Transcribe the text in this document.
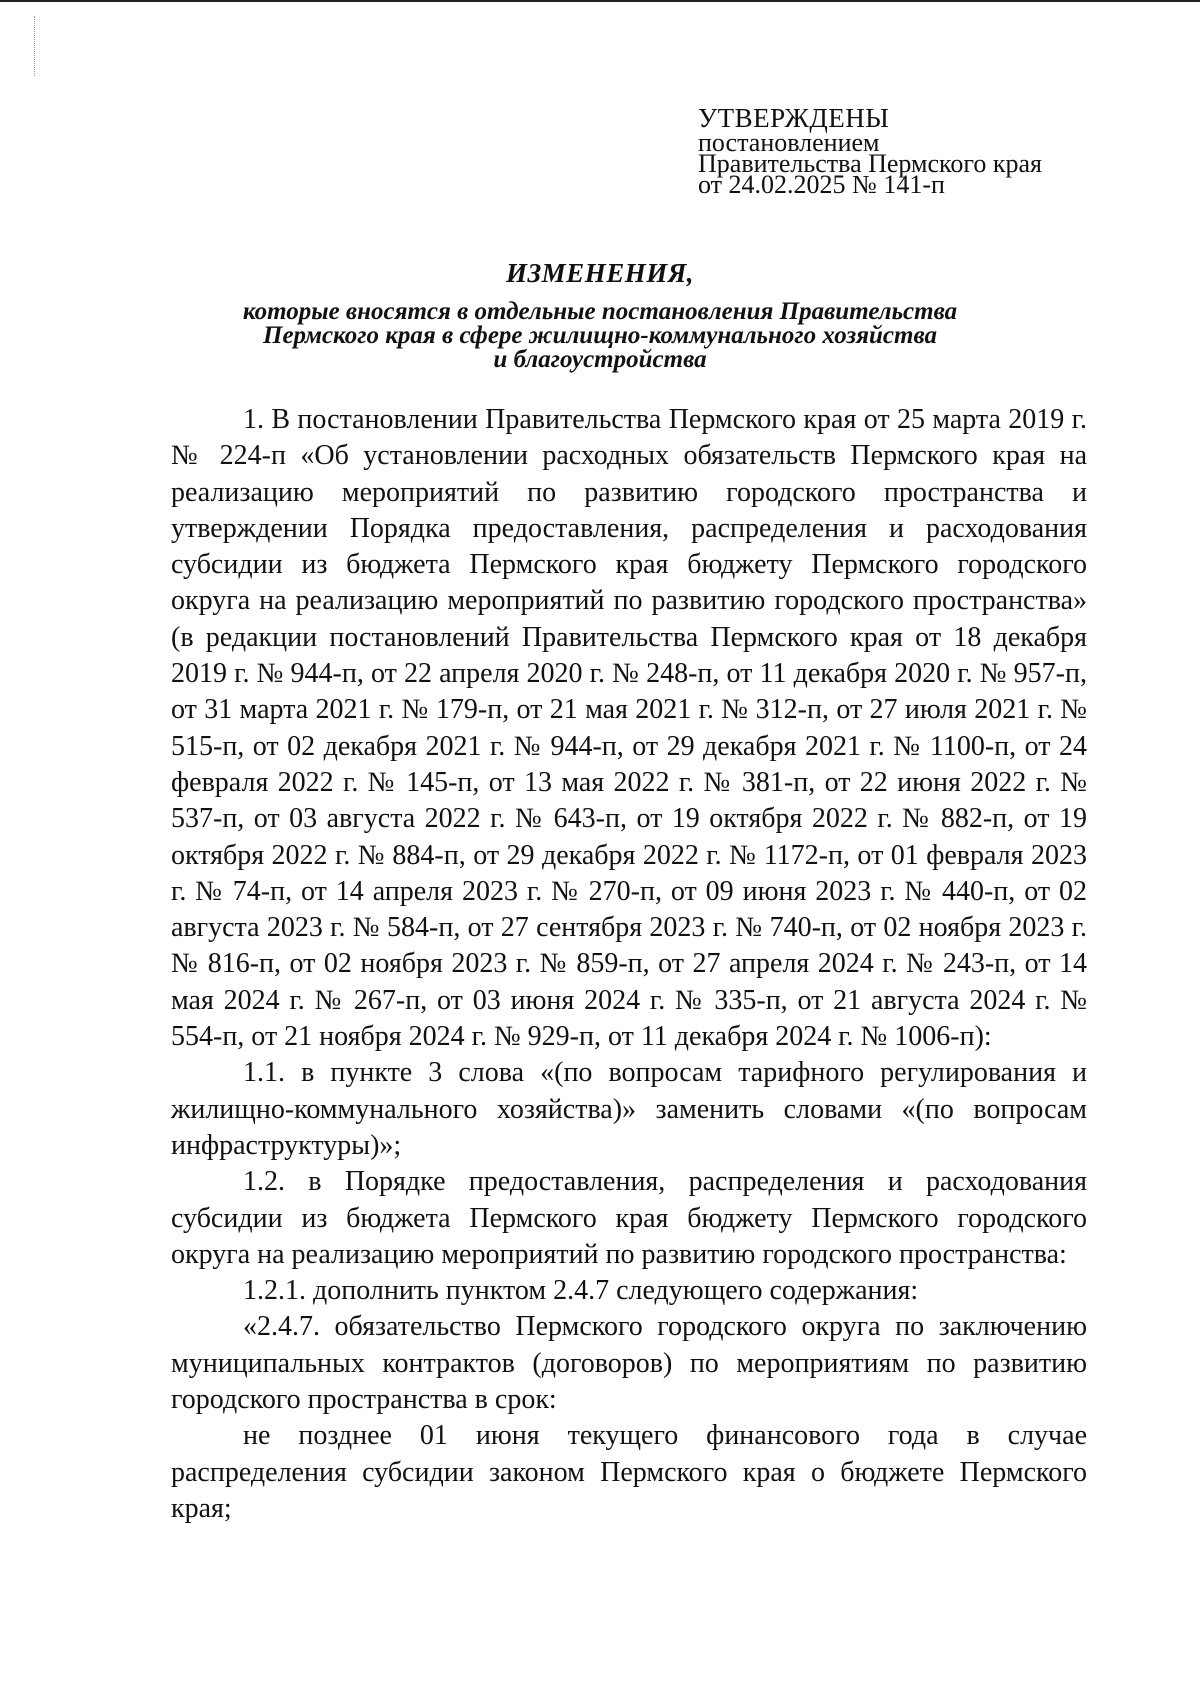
УТВЕРЖДЕНЫ
постановлением
Правительства Пермского края
от 24.02.2025 № 141-п
ИЗМЕНЕНИЯ,
которые вносятся в отдельные постановления Правительства
Пермского края в сфере жилищно-коммунального хозяйства
и благоустройства

1. В постановлении Правительства Пермского края от 25 марта 2019 г. № 224-п «Об установлении расходных обязательств Пермского края на реализацию мероприятий по развитию городского пространства и утверждении Порядка предоставления, распределения и расходования субсидии из бюджета Пермского края бюджету Пермского городского округа на реализацию мероприятий по развитию городского пространства» (в редакции постановлений Правительства Пермского края от 18 декабря 2019 г. № 944-п, от 22 апреля 2020 г. № 248-п, от 11 декабря 2020 г. № 957-п, от 31 марта 2021 г. № 179-п, от 21 мая 2021 г. № 312-п, от 27 июля 2021 г. № 515-п, от 02 декабря 2021 г. № 944-п, от 29 декабря 2021 г. № 1100-п, от 24 февраля 2022 г. № 145-п, от 13 мая 2022 г. № 381-п, от 22 июня 2022 г. № 537-п, от 03 августа 2022 г. № 643-п, от 19 октября 2022 г. № 882-п, от 19 октября 2022 г. № 884-п, от 29 декабря 2022 г. № 1172-п, от 01 февраля 2023 г. № 74-п, от 14 апреля 2023 г. № 270-п, от 09 июня 2023 г. № 440-п, от 02 августа 2023 г. № 584-п, от 27 сентября 2023 г. № 740-п, от 02 ноября 2023 г. № 816-п, от 02 ноября 2023 г. № 859-п, от 27 апреля 2024 г. № 243-п, от 14 мая 2024 г. № 267-п, от 03 июня 2024 г. № 335-п, от 21 августа 2024 г. № 554-п, от 21 ноября 2024 г. № 929-п, от 11 декабря 2024 г. № 1006-п):

1.1. в пункте 3 слова «(по вопросам тарифного регулирования и жилищно-коммунального хозяйства)» заменить словами «(по вопросам инфраструктуры)»;

1.2. в Порядке предоставления, распределения и расходования субсидии из бюджета Пермского края бюджету Пермского городского округа на реализацию мероприятий по развитию городского пространства:

1.2.1. дополнить пунктом 2.4.7 следующего содержания:

«2.4.7. обязательство Пермского городского округа по заключению муниципальных контрактов (договоров) по мероприятиям по развитию городского пространства в срок:

не позднее 01 июня текущего финансового года в случае распределения субсидии законом Пермского края о бюджете Пермского края;
